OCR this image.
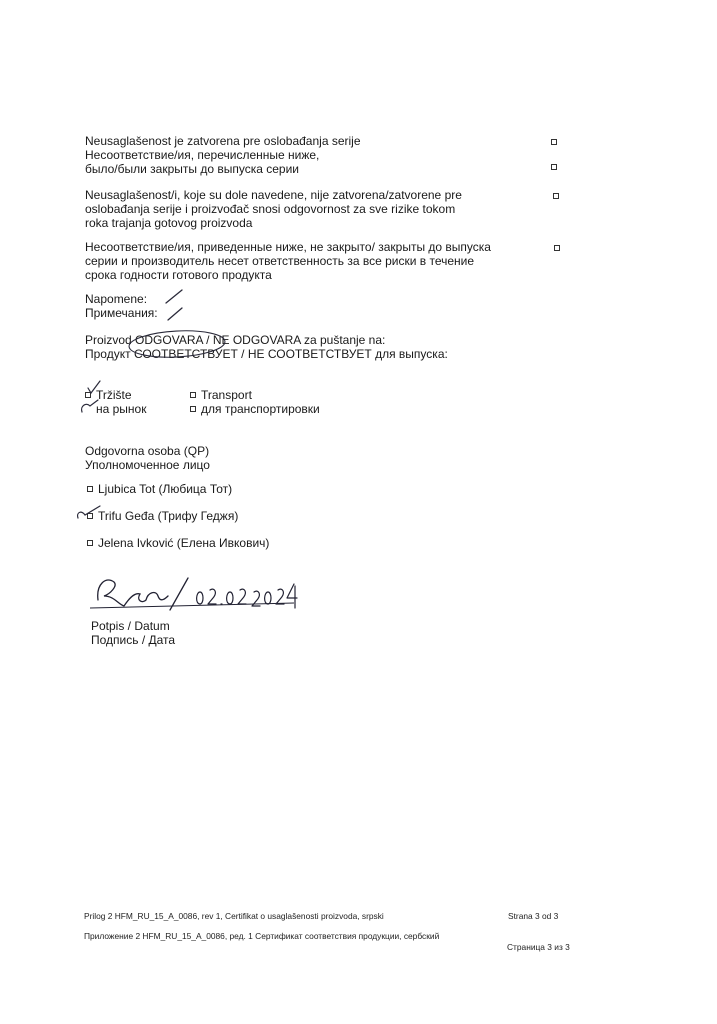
Neusaglašenost je zatvorena pre oslobađanja serije

Несоответствие/ия, перечисленные ниже,

было/были закрыты до выпуска серии

Neusaglašenost/i, koje su dole navedene, nije zatvorena/zatvorene pre

oslobađanja serije i proizvođač snosi odgovornost za sve rizike tokom

roka trajanja gotovog proizvoda

Несоответствие/ия, приведенные ниже, не закрыто/ закрыты до выпуска

серии и производитель несет ответственность за все риски в течение

срока годности готового продукта

Napomene:

Примечания:

Proizvod ODGOVARA / NE ODGOVARA za puštanje na:

Продукт СООТВЕТСТВУЕТ / НЕ СООТВЕТСТВУЕТ для выпуска:

Tržište
на рынок
Transport
для транспортировки

Odgovorna osoba (QP)

Уполномоченное лицо

Ljubica Tot (Любица Тот)
Trifu Geđa (Трифу Геджя)
Jelena Ivković (Елена Ивкович)

Potpis / Datum

Подпись / Дата

Prilog 2 HFM_RU_15_A_0086, rev 1, Certifikat o usaglašenosti proizvoda, srpski	Strana 3 od 3

Приложение 2 HFM_RU_15_A_0086, ред. 1 Сертификат соответствия продукции, сербский

Страница 3 из 3
